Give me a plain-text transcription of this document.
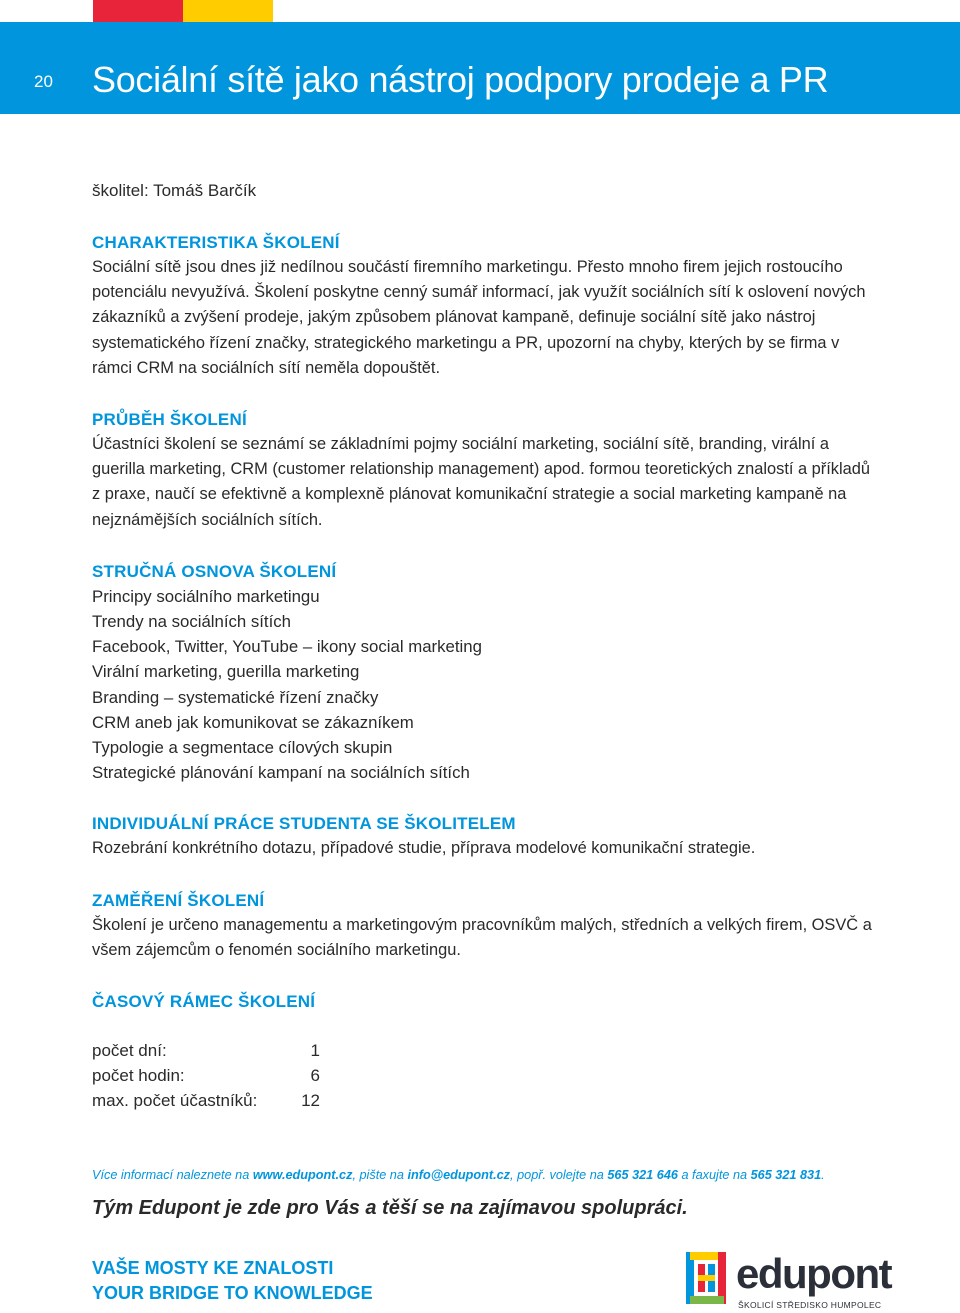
20 Sociální sítě jako nástroj podpory prodeje a PR
školitel: Tomáš Barčík
CHARAKTERISTIKA ŠKOLENÍ
Sociální sítě jsou dnes již nedílnou součástí firemního marketingu. Přesto mnoho firem jejich rostoucího potenciálu nevyužívá. Školení poskytne cenný sumář informací, jak využít sociálních sítí k oslovení nových zákazníků a zvýšení prodeje, jakým způsobem plánovat kampaně, definuje sociální sítě jako nástroj systematického řízení značky, strategického marketingu a PR, upozorní na chyby, kterých by se firma v rámci CRM na sociálních sítí neměla dopouštět.
PRŮBĚH ŠKOLENÍ
Účastníci školení se seznámí se základními pojmy sociální marketing, sociální sítě, branding, virální a guerilla marketing, CRM (customer relationship management) apod. formou teoretických znalostí a příkladů z praxe, naučí se efektivně a komplexně plánovat komunikační strategie a social marketing kampaně na nejznámějších sociálních sítích.
STRUČNÁ OSNOVA ŠKOLENÍ
Principy sociálního marketingu
Trendy na sociálních sítích
Facebook, Twitter, YouTube – ikony social marketing
Virální marketing, guerilla marketing
Branding – systematické řízení značky
CRM aneb jak komunikovat se zákazníkem
Typologie a segmentace cílových skupin
Strategické plánování kampaní na sociálních sítích
INDIVIDUÁLNÍ PRÁCE STUDENTA SE ŠKOLITELEM
Rozebrání konkrétního dotazu, případové studie, příprava modelové komunikační strategie.
ZAMĚŘENÍ ŠKOLENÍ
Školení je určeno managementu a marketingovým pracovníkům malých, středních a velkých firem, OSVČ a všem zájemcům o fenomén sociálního marketingu.
ČASOVÝ RÁMEC ŠKOLENÍ
počet dní:	1
počet hodin:	6
max. počet účastníků:	12
Více informací naleznete na www.edupont.cz, pište na info@edupont.cz, popř. volejte na 565 321 646 a faxujte na 565 321 831.
Tým Edupont je zde pro Vás a těší se na zajímavou spolupráci.
VAŠE MOSTY KE ZNALOSTI
YOUR BRIDGE TO KNOWLEDGE	edupont
ŠKOLICÍ STŘEDISKO HUMPOLEC
